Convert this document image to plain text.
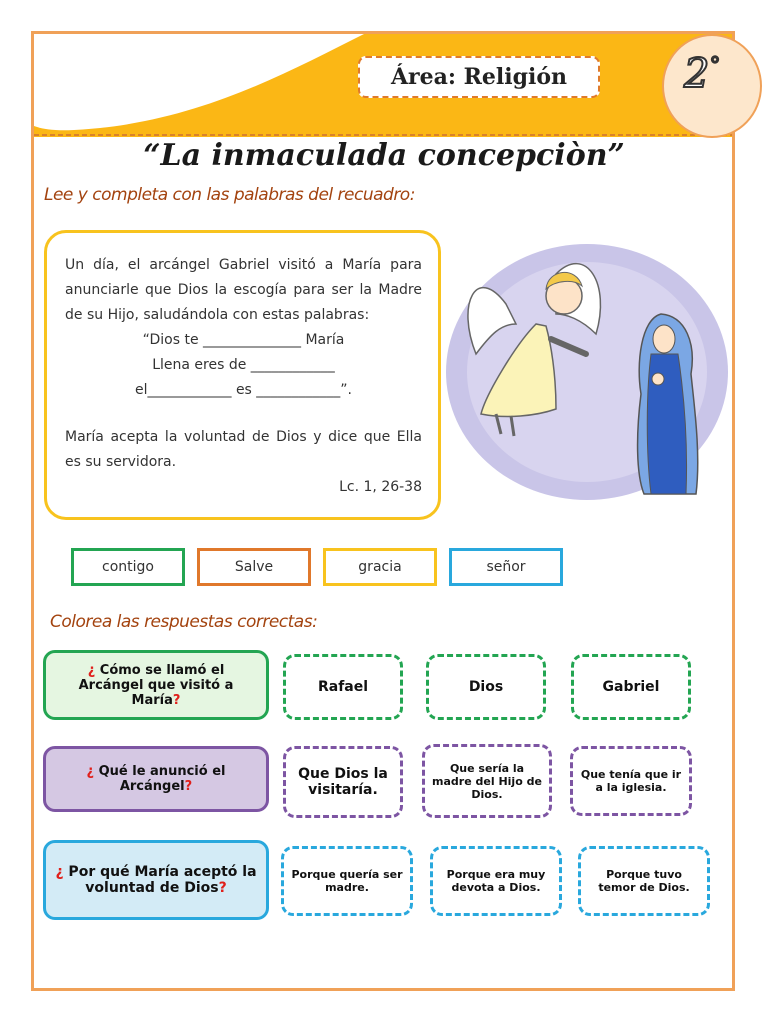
Área: Religión	2°
“La inmaculada concepciòn”
Lee y completa con las palabras del recuadro:

Un día, el arcángel Gabriel visitó a María para anunciarle que Dios la escogía para ser la Madre de su Hijo, saludándola con estas palabras:

“Dios te ______________ María

Llena eres de ____________

el____________ es ____________”.

María acepta la voluntad de Dios y dice que Ella es su servidora.

Lc. 1, 26-38

contigo	Salve	gracia	señor
Colorea las respuestas correctas:
¿ Cómo se llamó el Arcángel que visitó a María?
Rafael	Dios	Gabriel
¿ Qué le anunció el Arcángel?
Que Dios la visitaría.
Que sería la madre del Hijo de Dios.
Que tenía que ir a la iglesia.
¿ Por qué María aceptó la voluntad de Dios?
Porque quería ser madre.
Porque era muy devota a Dios.
Porque tuvo temor de Dios.
